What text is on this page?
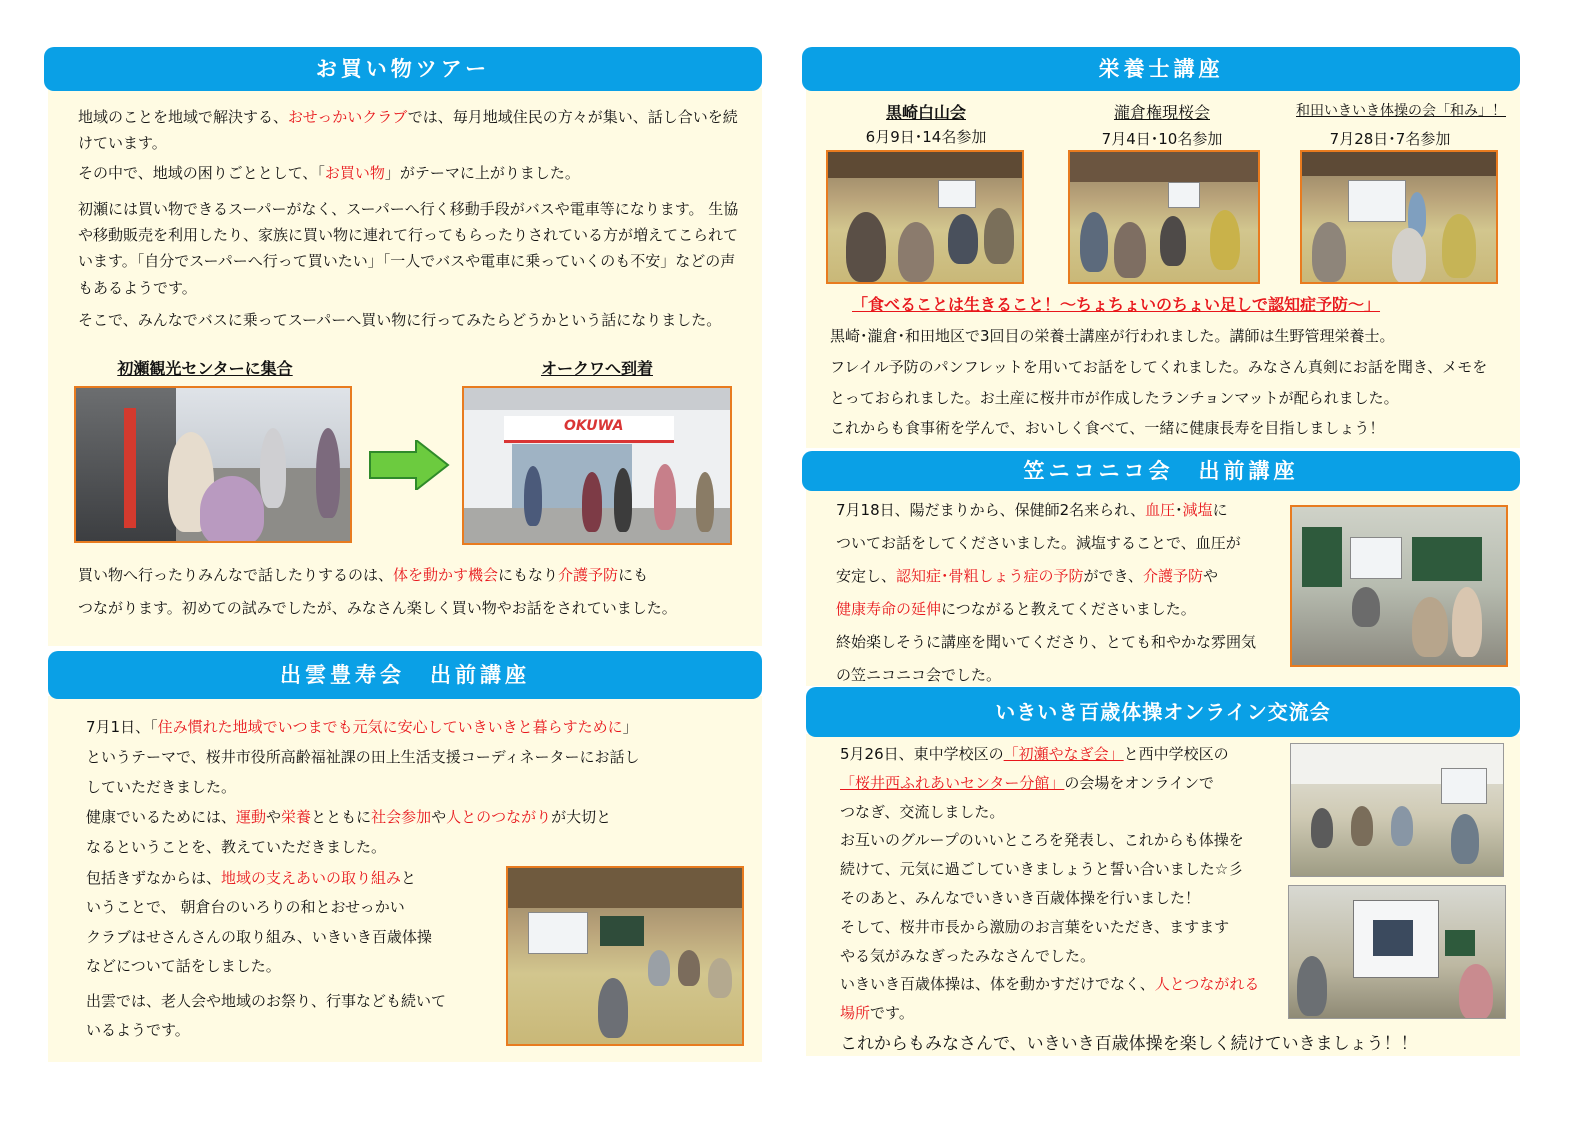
お買い物ツアー

地域のことを地域で解決する、おせっかいクラブでは、毎月地域住民の方々が集い、話し合いを続けています。

その中で、地域の困りごととして、「お買い物」がテーマに上がりました。

初瀬には買い物できるスーパーがなく、スーパーへ行く移動手段がバスや電車等になります。 生協や移動販売を利用したり、家族に買い物に連れて行ってもらったりされている方が増えてこられています。「自分でスーパーへ行って買いたい」「一人でバスや電車に乗っていくのも不安」などの声もあるようです。

そこで、みんなでバスに乗ってスーパーへ買い物に行ってみたらどうかという話になりました。

初瀬観光センターに集合	オークワへ到着
OKUWA

買い物へ行ったりみんなで話したりするのは、体を動かす機会にもなり介護予防にも

つながります。初めての試みでしたが、みなさん楽しく買い物やお話をされていました。

出雲豊寿会　出前講座

7月1日、「住み慣れた地域でいつまでも元気に安心していきいきと暮らすために」

というテーマで、桜井市役所高齢福祉課の田上生活支援コーディネーターにお話し

していただきました。

健康でいるためには、運動や栄養とともに社会参加や人とのつながりが大切と

なるということを、教えていただきました。

包括きずなからは、地域の支えあいの取り組みと

いうことで、 朝倉台のいろりの和とおせっかい

クラブはせさんさんの取り組み、いきいき百歳体操

などについて話をしました。

出雲では、老人会や地域のお祭り、行事なども続いて

いるようです。

栄養士講座
黒崎白山会
6月9日･14名参加
瀧倉権現桜会
7月4日･10名参加
和田いきいき体操の会「和み」！
7月28日･7名参加
「食べることは生きること！～ちょちょいのちょい足しで認知症予防～」

黒崎･瀧倉･和田地区で3回目の栄養士講座が行われました。講師は生野管理栄養士。

フレイル予防のパンフレットを用いてお話をしてくれました。みなさん真剣にお話を聞き、メモを

とっておられました。お土産に桜井市が作成したランチョンマットが配られました。

これからも食事術を学んで、おいしく食べて、一緒に健康長寿を目指しましょう！

笠ニコニコ会　出前講座

7月18日、陽だまりから、保健師2名来られ、血圧･減塩に

ついてお話をしてくださいました。減塩することで、血圧が

安定し、認知症･骨粗しょう症の予防ができ、介護予防や

健康寿命の延伸につながると教えてくださいました。

終始楽しそうに講座を聞いてくださり、とても和やかな雰囲気

の笠ニコニコ会でした。

いきいき百歳体操オンライン交流会

5月26日、東中学校区の「初瀬やなぎ会」と西中学校区の

「桜井西ふれあいセンター分館」の会場をオンラインで

つなぎ、交流しました。

お互いのグループのいいところを発表し、これからも体操を

続けて、元気に過ごしていきましょうと誓い合いました☆彡

そのあと、みんなでいきいき百歳体操を行いました！

そして、桜井市長から激励のお言葉をいただき、ますます

やる気がみなぎったみなさんでした。

いきいき百歳体操は、体を動かすだけでなく、人とつながれる

場所です。

これからもみなさんで、いきいき百歳体操を楽しく続けていきましょう！！
